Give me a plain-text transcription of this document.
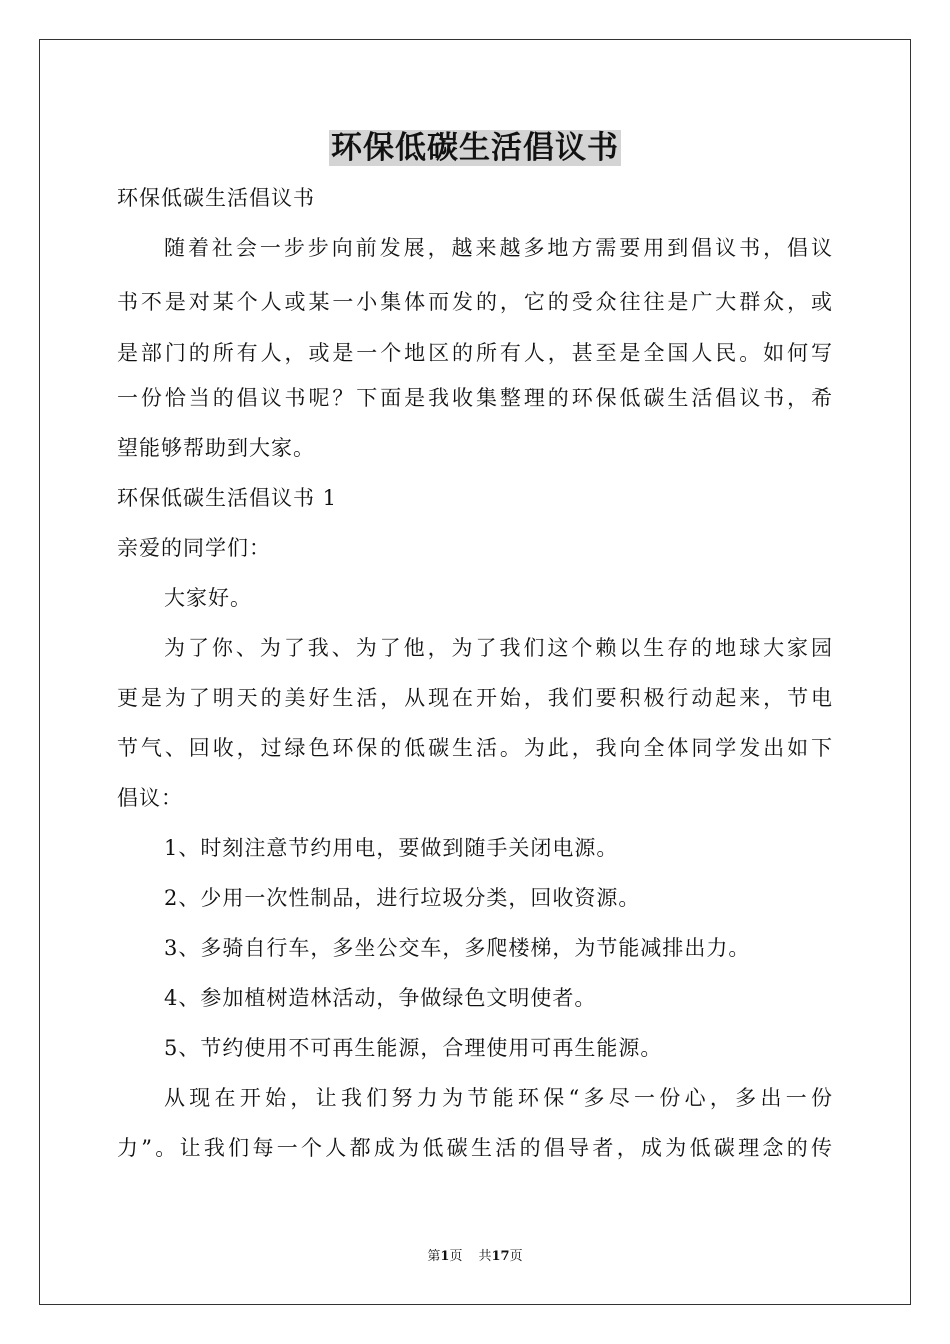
环保低碳生活倡议书
环保低碳生活倡议书
随着社会一步步向前发展，越来越多地方需要用到倡议书，倡议
书不是对某个人或某一小集体而发的，它的受众往往是广大群众，或
是部门的所有人，或是一个地区的所有人，甚至是全国人民。如何写
一份恰当的倡议书呢？下面是我收集整理的环保低碳生活倡议书，希
望能够帮助到大家。
环保低碳生活倡议书 1
亲爱的同学们：
大家好。
为了你、为了我、为了他，为了我们这个赖以生存的地球大家园
更是为了明天的美好生活，从现在开始，我们要积极行动起来，节电
节气、回收，过绿色环保的低碳生活。为此，我向全体同学发出如下
倡议：
1、时刻注意节约用电，要做到随手关闭电源。
2、少用一次性制品，进行垃圾分类，回收资源。
3、多骑自行车，多坐公交车，多爬楼梯，为节能减排出力。
4、参加植树造林活动，争做绿色文明使者。
5、节约使用不可再生能源，合理使用可再生能源。
从现在开始，让我们努力为节能环保“多尽一份心，多出一份
力”。让我们每一个人都成为低碳生活的倡导者，成为低碳理念的传
第1页 共17页
